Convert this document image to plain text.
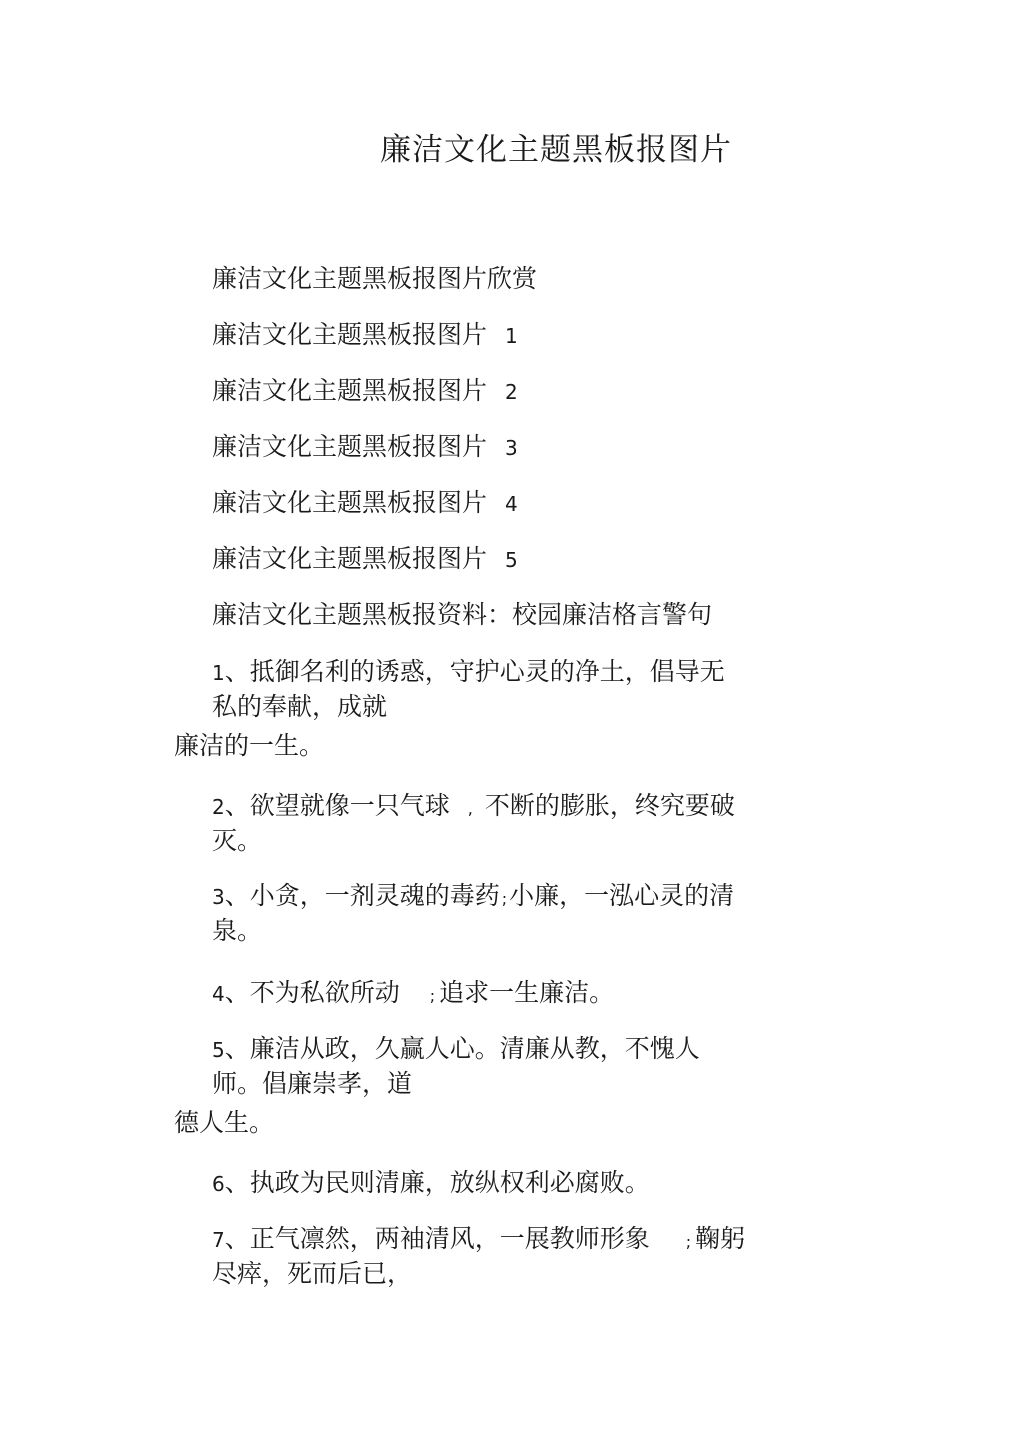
廉洁文化主题黑板报图片
廉洁文化主题黑板报图片欣赏
廉洁文化主题黑板报图片 1
廉洁文化主题黑板报图片 2
廉洁文化主题黑板报图片 3
廉洁文化主题黑板报图片 4
廉洁文化主题黑板报图片 5
廉洁文化主题黑板报资料：校园廉洁格言警句
1、抵御名利的诱惑，守护心灵的净土，倡导无
私的奉献，成就
廉洁的一生。
2、欲望就像一只气球 , 不断的膨胀，终究要破
灭。
3、小贪，一剂灵魂的毒药 ;小廉，一泓心灵的清
泉。
4、不为私欲所动 ; 追求一生廉洁。
5、廉洁从政，久赢人心。清廉从教，不愧人
师。倡廉崇孝，道
德人生。
6、执政为民则清廉，放纵权利必腐败。
7、正气凛然，两袖清风，一展教师形象 ; 鞠躬
尽瘁，死而后已，
